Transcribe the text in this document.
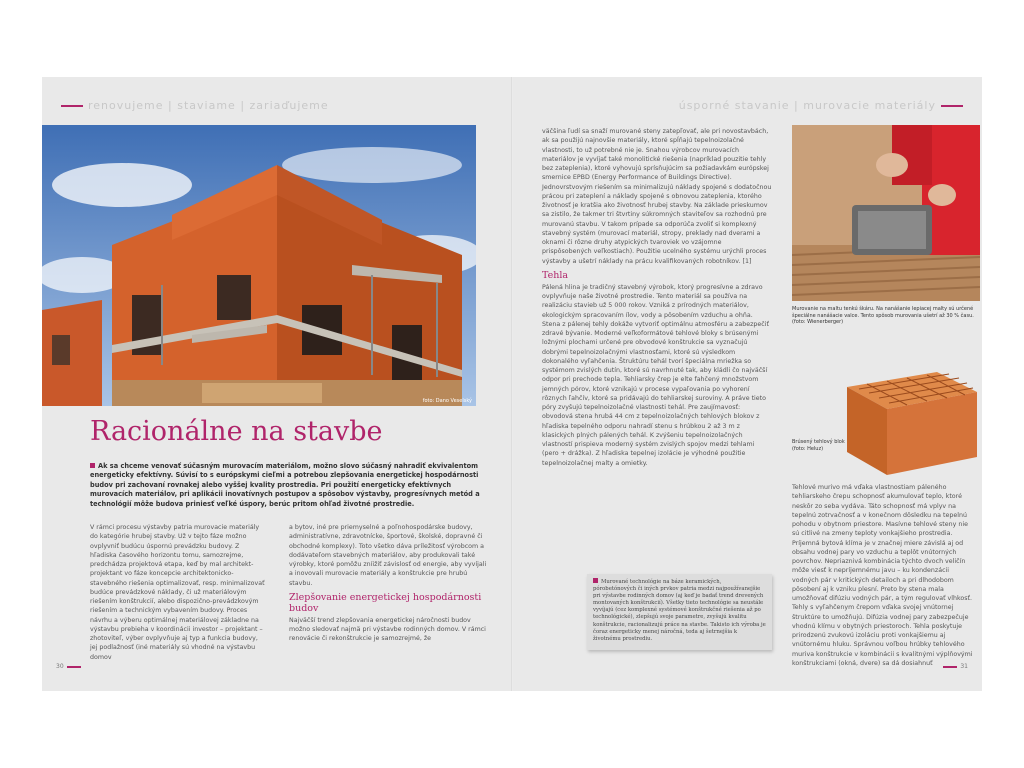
renovujeme | staviame | zariaďujeme
foto: Dano Veselský
Racionálne na stavbe
Ak sa chceme venovať súčasným murovacím materiálom, možno slovo súčasný nahradiť ekvivalentom energeticky efektívny. Súvisí to s európskymi cieľmi a potrebou zlepšovania energetickej hospodárnosti budov pri zachovaní rovnakej alebo vyššej kvality prostredia. Pri použití energeticky efektívnych murovacích materiálov, pri aplikácii inovatívnych postupov a spôsobov výstavby, progresívnych metód a technológií môže budova priniesť veľké úspory, berúc pritom ohľad životné prostredie.

V rámci procesu výstavby patria murovacie materiály do kategórie hrubej stavby. Už v tejto fáze možno ovplyvniť budúcu úspornú prevádzku budovy. Z hľadiska časového horizontu tomu, samozrejme, predchádza projektová etapa, keď by mal architekt-projektant vo fáze koncepcie architektonicko-stavebného riešenia optimalizovať, resp. minimalizovať budúce prevádzkové náklady, či už materiálovým riešením konštrukcií, alebo dispozično-prevádzkovým riešením a technickým vybavením budovy. Proces návrhu a výberu optimálnej materiálovej základne na výstavbu prebieha v koordinácii investor – projektant – zhotoviteľ, výber ovplyvňuje aj typ a funkcia budovy, jej podlažnosť (iné materiály sú vhodné na výstavbu domov

a bytov, iné pre priemyselné a poľnohospodárske budovy, administratívne, zdravotnícke, športové, školské, dopravné či obchodné komplexy). Toto všetko dáva príležitosť výrobcom a dodávateľom stavebných materiálov, aby produkovali také výrobky, ktoré pomôžu zníižiť závislosť od energie, aby vyvíjali a inovovali murovacie materiály a konštrukcie pre hrubú stavbu.

Zlepšovanie energetickej hospodárnosti budov

Najväčší trend zlepšovania energetickej náročnosti budov možno sledovať najmä pri výstavbe rodinných domov. V rámci renovácie či rekonštrukcie je samozrejmé, že

30
úsporné stavanie | murovacie materiály

väčšina ľudí sa snaží murované steny zatepľovať, ale pri novostavbách, ak sa použijú najnovšie materiály, ktoré spĺňajú tepelnoizolačné vlastnosti, to už potrebné nie je. Snahou výrobcov murovacích materiálov je vyvíjať také monolitické riešenia (napríklad pouzitie tehly bez zateplenia), ktoré vyhovujú sprísňujúcim sa požiadavkám európskej smernice EPBD (Energy Performance of Buildings Directive). Jednovrstvovým riešením sa minimalizujú náklady spojené s dodatočnou prácou pri zateplení a náklady spojené s obnovou zateplenia, ktorého životnosť je kratšia ako životnosť hrubej stavby. Na základe prieskumov sa zistilo, že takmer tri štvrtiny súkromných staviteľov sa rozhodnú pre murovanú stavbu. V takom prípade sa odporúča zvoliť si komplexný stavebný systém (murovací materiál, stropy, preklady nad dverami a oknami či rôzne druhy atypických tvaroviek vo vzájomne prispôsobených veľkostiach). Použitie ucelného systému urýchli proces výstavby a ušetrí náklady na prácu kvalifikovaných robotníkov. [1]

Tehla

Pálená hlina je tradičný stavebný výrobok, ktorý progresívne a zdravo ovplyvňuje naše životné prostredie. Tento materiál sa používa na realizáciu stavieb už 5 000 rokov. Vzniká z prírodných materiálov, ekologickým spracovaním ílov, vody a pôsobením vzduchu a ohňa. Stena z pálenej tehly dokáže vytvoriť optimálnu atmosféru a zabezpečiť zdravé bývanie. Moderné veľkoformátové tehlové bloky s brúsenými ložnými plochami určené pre obvodové konštrukcie sa vyznačujú dobrými tepelnoizolačnými vlastnosťami, ktoré sú výsledkom dokonalého vyľahčenia. Štruktúru tehál tvorí špeciálna mriežka so systémom zvislých dutín, ktoré sú navrhnuté tak, aby kládli čo najväčší odpor pri prechode tepla. Tehliarsky črep je elte fahčený množstvom jemných pórov, ktoré vznikajú v procese vypaľovania po vyhorení rôznych ľahčív, ktoré sa pridávajú do tehliarskej suroviny. A práve tieto póry zvyšujú tepelnoizolačné vlastnosti tehál. Pre zaujímavosť: obvodová stena hrubá 44 cm z tepelnoizolačných tehlových blokov z hľadiska tepelného odporu nahradí stenu s hrúbkou 2 až 3 m z klasických plných pálených tehál. K zvýšeniu tepelnoizolačných vlastností prispieva moderný systém zvislých spojov medzi tehlami (pero + drážka). Z hľadiska tepelnej izolácie je výhodné použitie tepelnoizolačnej malty a omietky.

Murované technológie na báze keramických, pórobetónových či iných prvkov patria medzi najpoužívanejšie pri výstavbe rodinných domov (aj keď je badať trend drevených montovaných konštrukcií). Všetky tieto technológie sa neustále vyvíjajú (cez komplexné systémové konštrukčné riešenia až po technológické), zlepšujú svoje parametre, zvyšujú kvalitu konštrukcie, racionalizujú práce na stavbe. Takisto ich výroba je čoraz energeticky menej náročná, teda aj šetrnejšia k životnému prostrediu.
Murovanie na maltu tenkú škáru. Na nanášanie lepiacej malty sú určené špeciálne nanášacie valce. Tento spôsob murovania ušetrí až 30 % času. (foto: Wienerberger)
Brúsený tehlový blok (foto: Heluz)

Tehlové murivo má vďaka vlastnostiam páleného tehliarskeho črepu schopnosť akumulovať teplo, ktoré neskôr zo seba vydáva. Táto schopnosť má vplyv na tepelnú zotrvačnosť a v konečnom dôsledku na tepelnú pohodu v obytnom priestore. Masívne tehlové steny nie sú citlivé na zmeny teploty vonkajšieho prostredia. Príjemná bytová klíma je v značnej miere závislá aj od obsahu vodnej pary vo vzduchu a teplôt vnútorných povrchov. Nepriaznivá kombinácia týchto dvoch veličín môže viesť k nepríjemnému javu – ku kondenzácii vodných pár v kritických detailoch a pri dlhodobom pôsobení aj k vzniku plesní. Preto by stena mala umožňovať difúziu vodných pár, a tým regulovať vlhkosť. Tehly s vyľahčenym črepom vďaka svojej vnútornej štruktúre to umožňujú. Difúzia vodnej pary zabezpečuje vhodnú klímu v obytných priestoroch. Tehla poskytuje prirodzenú zvukovú izoláciu proti vonkajšiemu aj vnútornému hluku. Správnou voľbou hrúbky tehlového muriva konštrukcie v kombinácii s kvalitnými výplňovými konštrukciami (okná, dvere) sa dá dosiahnuť	31
